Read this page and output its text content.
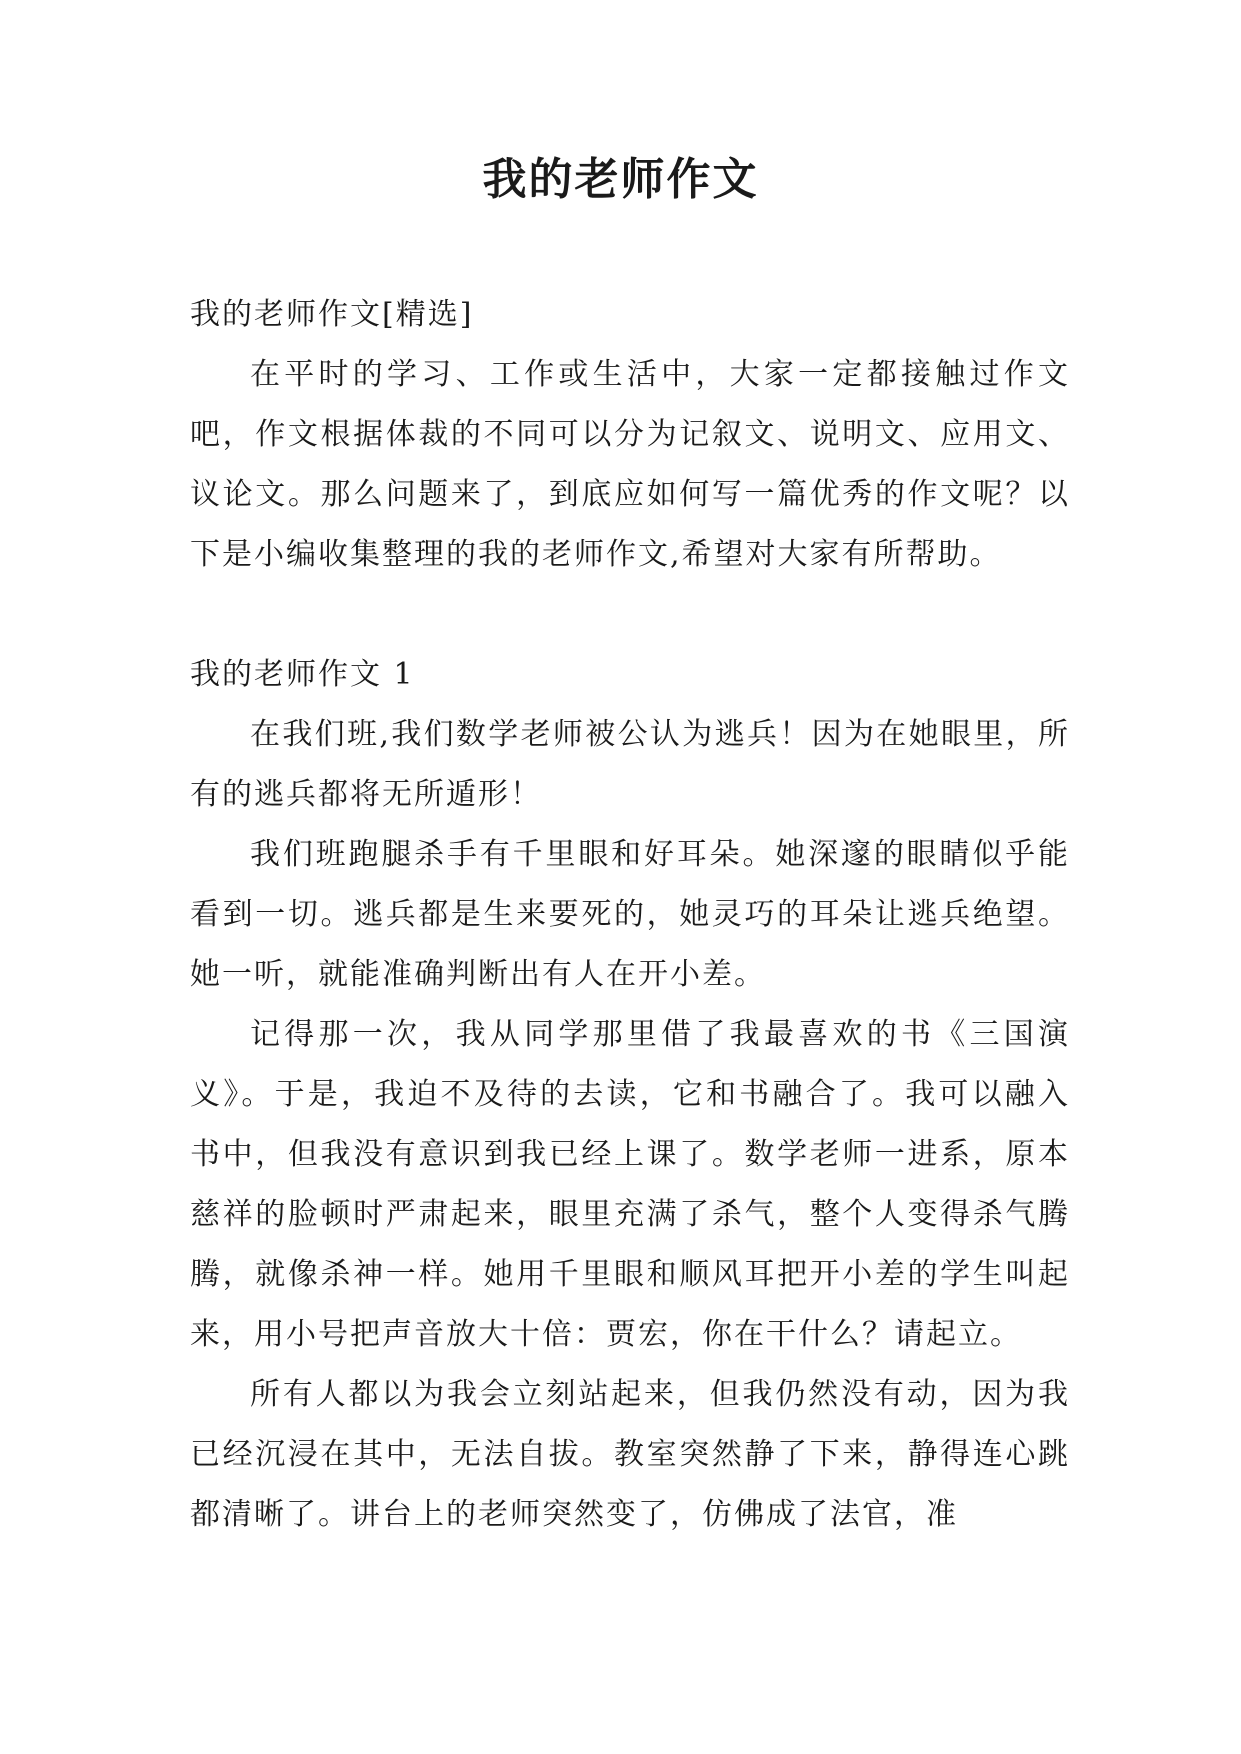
我的老师作文

我的老师作文[精选]

在平时的学习、工作或生活中，大家一定都接触过作文吧，作文根据体裁的不同可以分为记叙文、说明文、应用文、议论文。那么问题来了，到底应如何写一篇优秀的作文呢？以下是小编收集整理的我的老师作文,希望对大家有所帮助。

我的老师作文 1

在我们班,我们数学老师被公认为逃兵！因为在她眼里，所有的逃兵都将无所遁形！

我们班跑腿杀手有千里眼和好耳朵。她深邃的眼睛似乎能看到一切。逃兵都是生来要死的，她灵巧的耳朵让逃兵绝望。她一听，就能准确判断出有人在开小差。

记得那一次，我从同学那里借了我最喜欢的书《三国演义》。于是，我迫不及待的去读，它和书融合了。我可以融入书中，但我没有意识到我已经上课了。数学老师一进系，原本慈祥的脸顿时严肃起来，眼里充满了杀气，整个人变得杀气腾腾，就像杀神一样。她用千里眼和顺风耳把开小差的学生叫起来，用小号把声音放大十倍：贾宏，你在干什么？请起立。

所有人都以为我会立刻站起来，但我仍然没有动，因为我已经沉浸在其中，无法自拔。教室突然静了下来，静得连心跳都清晰了。讲台上的老师突然变了，仿佛成了法官，准
